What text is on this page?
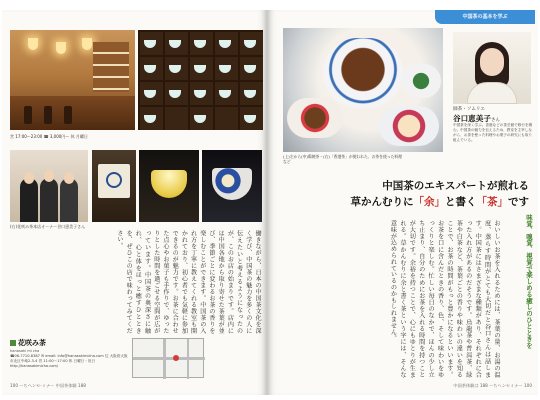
営 17:00〜23:00 ☎ 3,000円〜 休 月曜日
(右)花咲み茶本店オーナー谷口恵美子さん
働きながら、日本の中国茶文化を深く学び、中国茶の魅力を多くの人に伝えたいと考えるようになったのが、このお店の始まりです。店内には中国各地から取り寄せた茶葉が並び、季節ごとに変わるお茶の香りを楽しむことができます。中国茶の入れ方を丁寧に教えてくれる教室も開かれており、初心者でも気軽に参加できるのが魅力です。お茶に合わせた点心やお菓子も手作りで、ゆったりとした時間を過ごせる空間が広がっています。中国茶の奥深さに触れ、心と体をほっと癒すひとときを、ぜひこの店で味わってみてください。
花咲み茶
hanasaki mi cha
☎06-7710-8387 ✉ email: info@hanasakimicha.com 住 大阪府大阪市北区中崎2-3-4 営 11:00〜17:00 休 日曜日・祝日 http://hanasakimicha.com/
100 ーちヘンセ-ミナー 中国茶体験 188
中国茶の基本を学ぶ
師茶・ソムリエ
谷口恵美子さん
中国茶を深く学ぶ。香港などの茶芸館で修行を積む。中国茶の魅力を伝えるため、教室を主宰しながら、お茶を使った料理やお菓子の研究にも取り組んでいる。
(上)左から(中)鶏焼茶・(右)「香港茶」が使われた、お茶を使った料理など
中国茶のエキスパートが煎れる
草かんむりに「余」と書く「茶」です
味覚、嗅覚、視覚で楽しめる癒しのひとときを
おいしいお茶を入れるためには、茶葉の量、お湯の温度、蒸らす時間がとても大切だと谷口さんは話します。中国茶にはさまざまな種類があり、それぞれに合った入れ方があるのだそうです。烏龍茶や普洱茶、緑茶や白茶など、茶葉ごとの香りや味わいの違いを知ることで、お茶の時間がもっと豊かになるといいます。お茶を口に含んだときの香り、色、そして味わいをゆっくりと楽しむ。忙しい毎日のなかで、ほんの少し立ち止まり、自分のためにお茶を入れる時間を持つことが大切です。余裕を持つことで、心にもゆとりが生まれる。草かんむりに余と書く茶という字には、そんな意味が込められているのかもしれません。
中国茶体験は 188 ーちヘンセミナー 100
